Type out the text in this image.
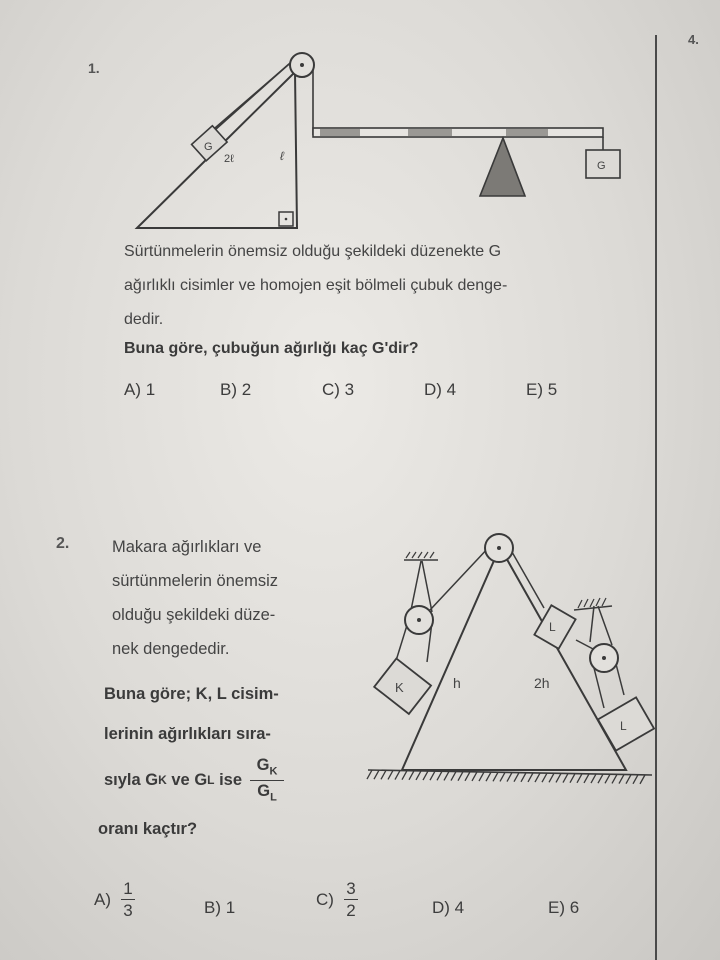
4.
1.
G
2ℓ	ℓ
G
Sürtünmelerin önemsiz olduğu şekildeki düzenekte G
ağırlıklı cisimler ve homojen eşit bölmeli çubuk denge-
dedir.
Buna göre, çubuğun ağırlığı kaç G'dir?
A) 1	B) 2	C) 3	D) 4	E) 5
2.	Makara ağırlıkları ve
sürtünmelerin önemsiz
olduğu şekildeki düze-
nek dengededir.
Buna göre; K, L cisim-
lerinin ağırlıkları sıra-
sıyla G K ve G L ise $\frac{G_K}{G_L}$
oranı kaçtır?
K
L
L
h	2h
$A) \frac{1}{3}$	B) 1	$C) \frac{3}{2}$	D) 4	E) 6
